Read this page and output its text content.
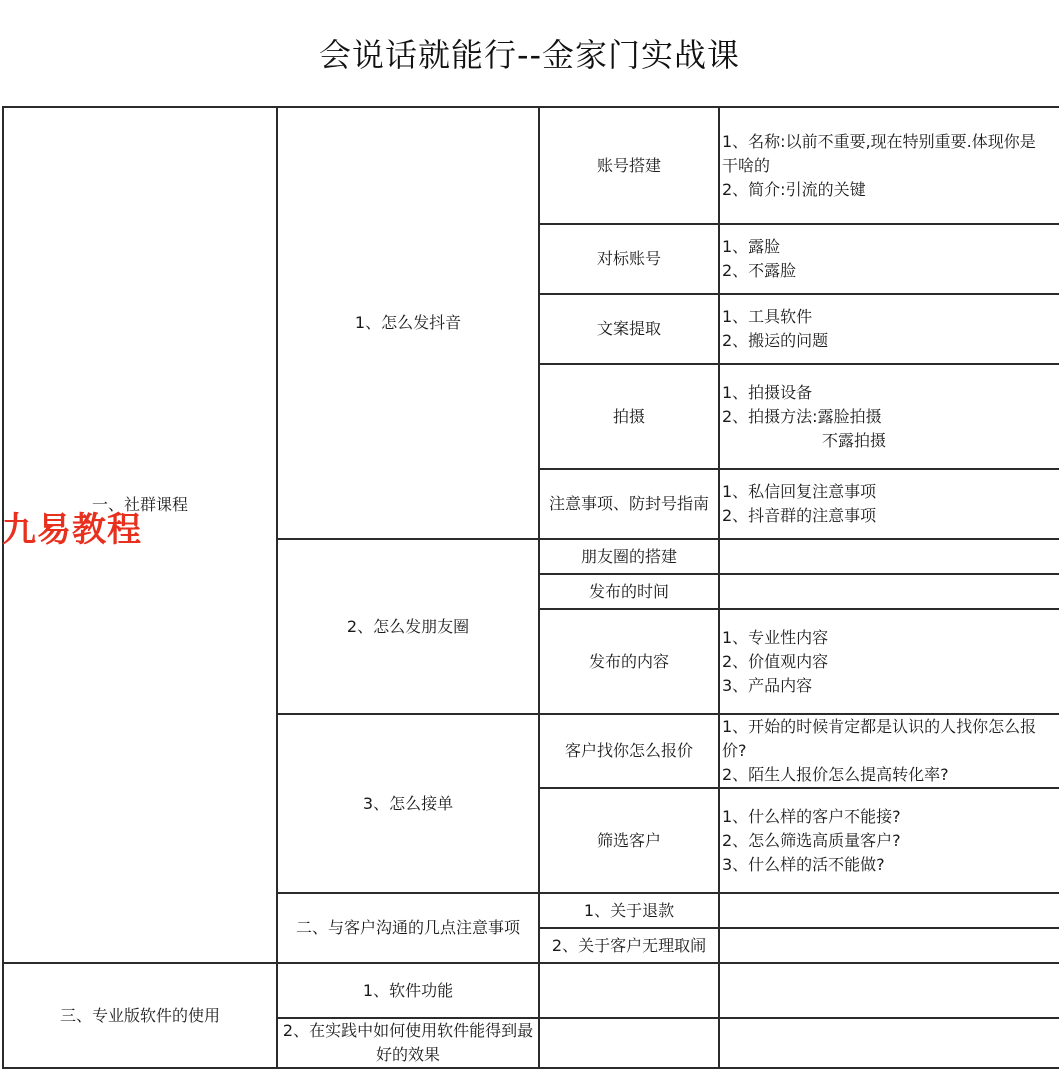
会说话就能行--金家门实战课
一、社群课程	1、怎么发抖音	账号搭建	1、名称:以前不重要,现在特别重要.体现你是
干啥的
2、简介:引流的关键	

		对标账号	1、露脸
2、不露脸	

		文案提取	1、工具软件
2、搬运的问题	

		拍摄	1、拍摄设备
2、拍摄方法:露脸拍摄
不露拍摄	

		注意事项、防封号指南	1、私信回复注意事项
2、抖音群的注意事项	

	2、怎么发朋友圈	朋友圈的搭建		
		发布的时间		
		发布的内容	1、专业性内容
2、价值观内容
3、产品内容	

	3、怎么接单	客户找你怎么报价	1、开始的时候肯定都是认识的人找你怎么报
价?
2、陌生人报价怎么提高转化率?	

		筛选客户	1、什么样的客户不能接?
2、怎么筛选高质量客户?
3、什么样的活不能做?	

	二、与客户沟通的几点注意事项	1、关于退款		
		2、关于客户无理取闹		
三、专业版软件的使用	1、软件功能			

	2、在实践中如何使用软件能得到最
好的效果			

九易教程
